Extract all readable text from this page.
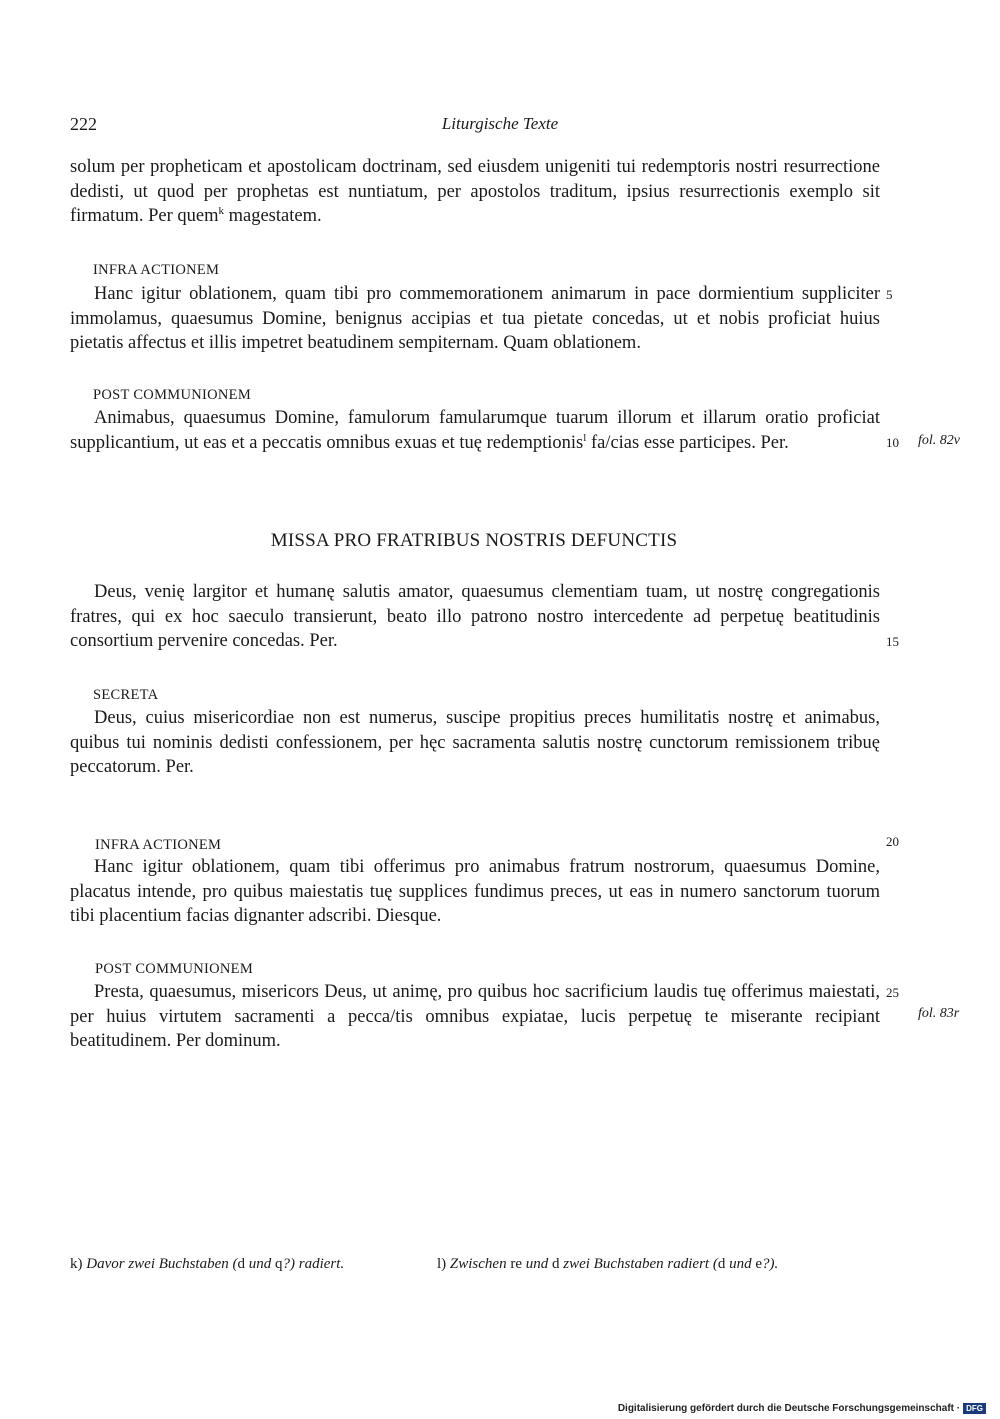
222	Liturgische Texte
solum per propheticam et apostolicam doctrinam, sed eiusdem unigeniti tui redemptoris nostri resurrectione dedisti, ut quod per prophetas est nuntiatum, per apostolos traditum, ipsius resurrectionis exemplo sit firmatum. Per quem$^k$ magestatem.
INFRA ACTIONEM
Hanc igitur oblationem, quam tibi pro commemorationem animarum in pace dormientium suppliciter immolamus, quaesumus Domine, benignus accipias et tua pietate concedas, ut et nobis proficiat huius pietatis affectus et illis impetret beatudinem sempiternam. Quam oblationem.
5
POST COMMUNIONEM
Animabus, quaesumus Domine, famulorum famularumque tuarum illorum et illarum oratio proficiat supplicantium, ut eas et a peccatis omnibus exuas et tuę redemptionis$^l$ fa/cias esse participes. Per.	10 fol. 82v
MISSA PRO FRATRIBUS NOSTRIS DEFUNCTIS
Deus, venię largitor et humanę salutis amator, quaesumus clementiam tuam, ut nostrę congregationis fratres, qui ex hoc saeculo transierunt, beato illo patrono nostro intercedente ad perpetuę beatitudinis consortium pervenire concedas. Per.	15
SECRETA
Deus, cuius misericordiae non est numerus, suscipe propitius preces humilitatis nostrę et animabus, quibus tui nominis dedisti confessionem, per hęc sacramenta salutis nostrę cunctorum remissionem tribuę peccatorum. Per.
INFRA ACTIONEM	20
Hanc igitur oblationem, quam tibi offerimus pro animabus fratrum nostrorum, quaesumus Domine, placatus intende, pro quibus maiestatis tuę supplices fundimus preces, ut eas in numero sanctorum tuorum tibi placentium facias dignanter adscribi. Diesque.
POST COMMUNIONEM
Presta, quaesumus, misericors Deus, ut animę, pro quibus hoc sacrificium laudis tuę offerimus maiestati, per huius virtutem sacramenti a pecca/tis omnibus expiatae, lucis perpetuę te miserante recipiant beatitudinem. Per dominum.
25
fol. 83r
k) Davor zwei Buchstaben (d und q?) radiert.	l) Zwischen re und d zwei Buchstaben radiert (d und e?).
Digitalisierung gefördert durch die Deutsche Forschungsgemeinschaft · DFG
